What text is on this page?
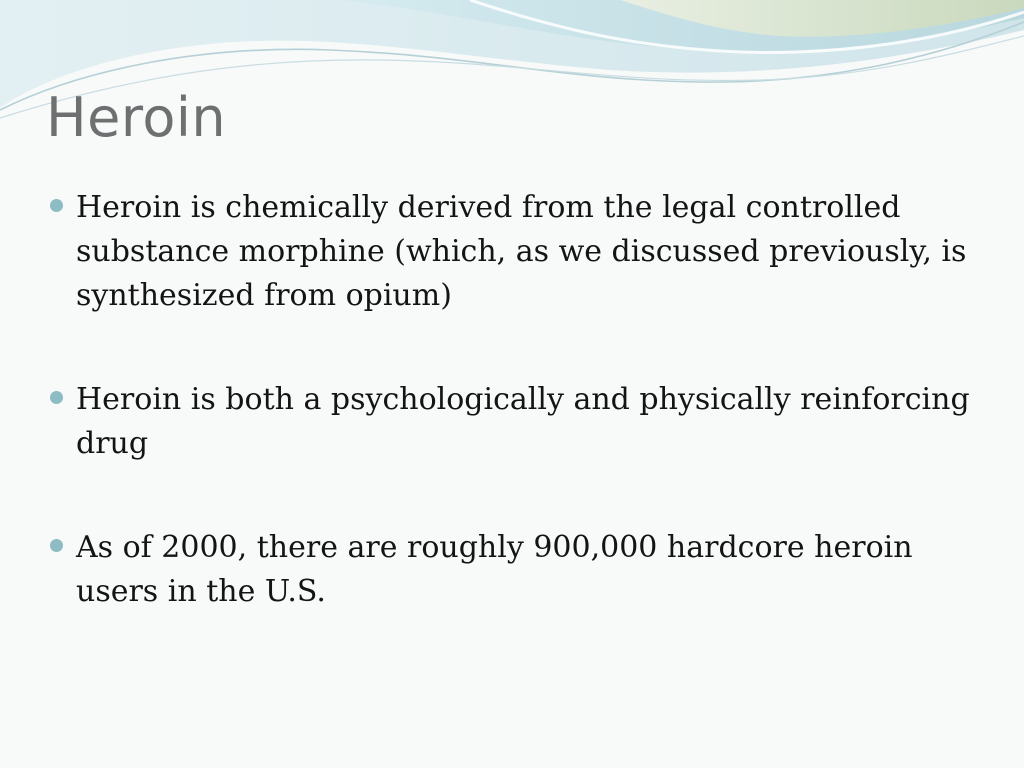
Heroin
Heroin is chemically derived from the legal controlled substance morphine (which, as we discussed previously, is synthesized from opium)
Heroin is both a psychologically and physically reinforcing drug
As of 2000, there are roughly 900,000 hardcore heroin users in the U.S.
